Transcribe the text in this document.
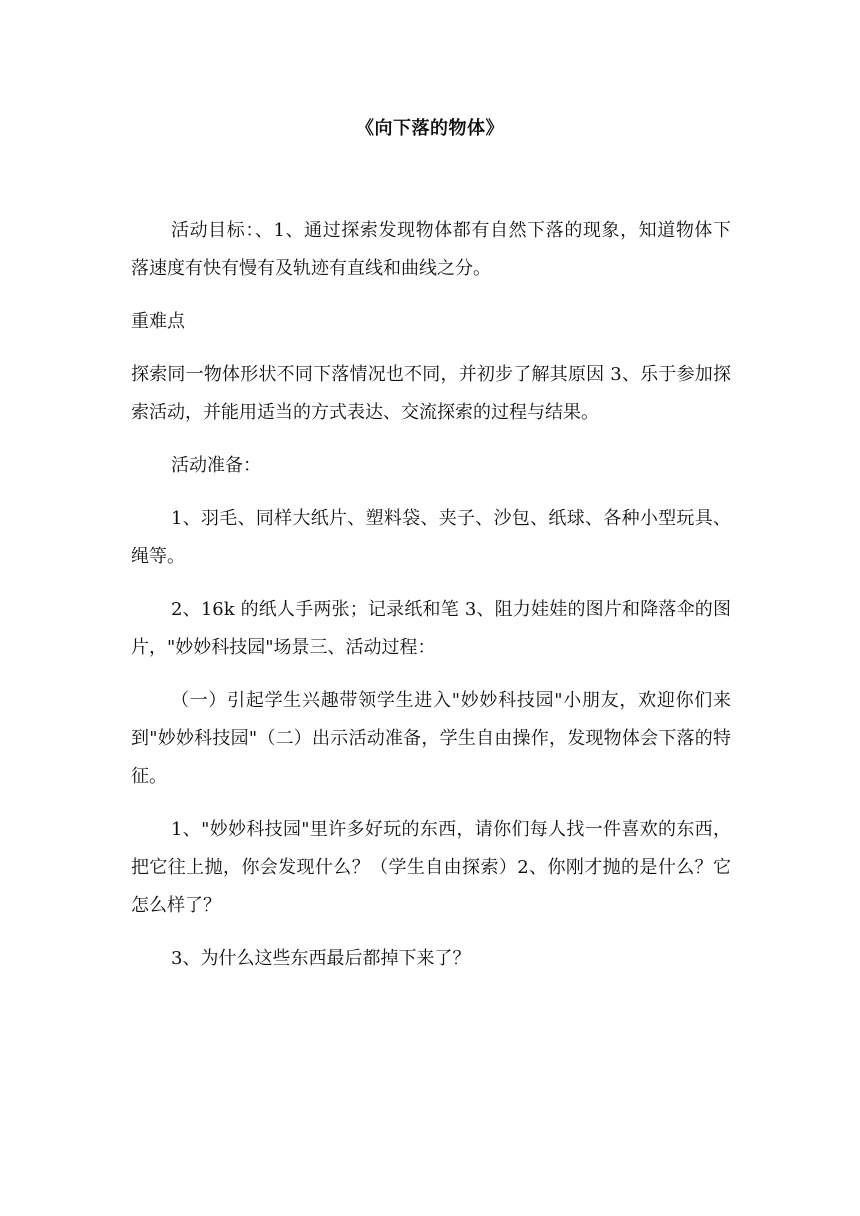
《向下落的物体》

活动目标：、1、通过探索发现物体都有自然下落的现象，知道物体下落速度有快有慢有及轨迹有直线和曲线之分。

重难点

探索同一物体形状不同下落情况也不同，并初步了解其原因 3、乐于参加探索活动，并能用适当的方式表达、交流探索的过程与结果。

活动准备：

1、羽毛、同样大纸片、塑料袋、夹子、沙包、纸球、各种小型玩具、绳等。

2、16k 的纸人手两张；记录纸和笔 3、阻力娃娃的图片和降落伞的图片，"妙妙科技园"场景三、活动过程：

（一）引起学生兴趣带领学生进入"妙妙科技园"小朋友，欢迎你们来到"妙妙科技园"（二）出示活动准备，学生自由操作，发现物体会下落的特征。

1、"妙妙科技园"里许多好玩的东西，请你们每人找一件喜欢的东西，把它往上抛，你会发现什么？（学生自由探索）2、你刚才抛的是什么？它怎么样了？

3、为什么这些东西最后都掉下来了？
